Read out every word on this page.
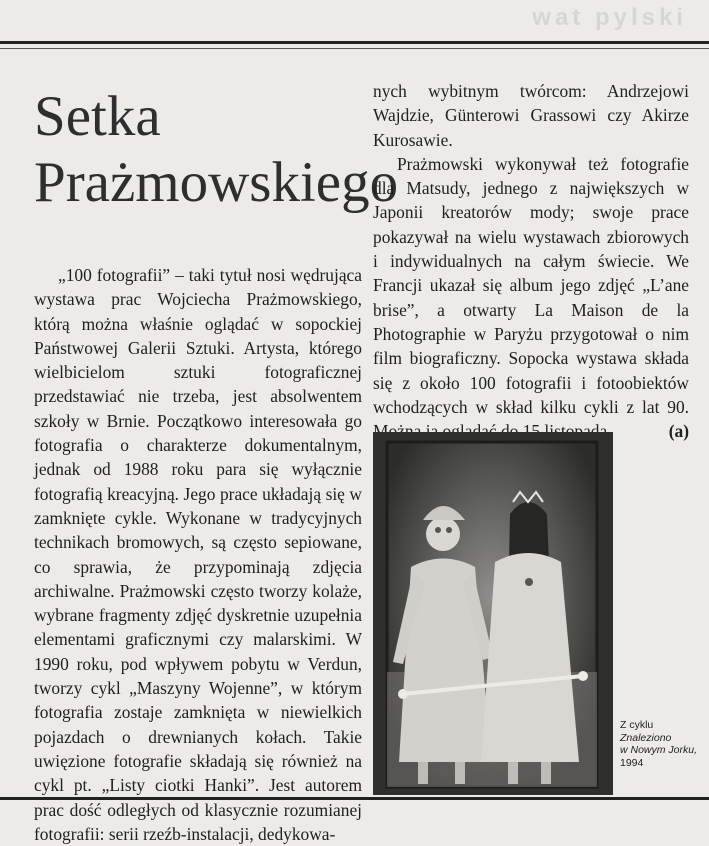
wat pylski
Setka
Prażmowskiego

„100 fotografii” – taki tytuł nosi wędrująca wystawa prac Wojciecha Prażmowskiego, którą można właśnie oglądać w sopockiej Państwowej Galerii Sztuki. Artysta, którego wielbicielom sztuki fotograficznej przedstawiać nie trzeba, jest absolwentem szkoły w Brnie. Początkowo interesowała go fotografia o charakterze dokumentalnym, jednak od 1988 roku para się wyłącznie fotografią kreacyjną. Jego prace układają się w zamknięte cykle. Wykonane w tradycyjnych technikach bromowych, są często sepiowane, co sprawia, że przypominają zdjęcia archiwalne. Prażmowski często tworzy kolaże, wybrane fragmenty zdjęć dyskretnie uzupełnia elementami graficznymi czy malarskimi. W 1990 roku, pod wpływem pobytu w Verdun, tworzy cykl „Maszyny Wojenne”, w którym fotografia zostaje zamknięta w niewielkich pojazdach o drewnianych kołach. Takie uwięzione fotografie składają się również na cykl pt. „Listy ciotki Hanki”. Jest autorem prac dość odległych od klasycznie rozumianej fotografii: serii rzeźb-instalacji, dedykowa-

nych wybitnym twórcom: Andrzejowi Wajdzie, Günterowi Grassowi czy Akirze Kurosawie.

Prażmowski wykonywał też fotografie dla Matsudy, jednego z największych w Japonii kreatorów mody; swoje prace pokazywał na wielu wystawach zbiorowych i indywidualnych na całym świecie. We Francji ukazał się album jego zdjęć „L’ane brise”, a otwarty La Maison de la Photographie w Paryżu przygotował o nim film biograficzny. Sopocka wystawa składa się z około 100 fotografii i fotoobiektów wchodzących w skład kilku cykli z lat 90.
(a)

Z cyklu
Znaleziono
w Nowym Jorku,
1994
